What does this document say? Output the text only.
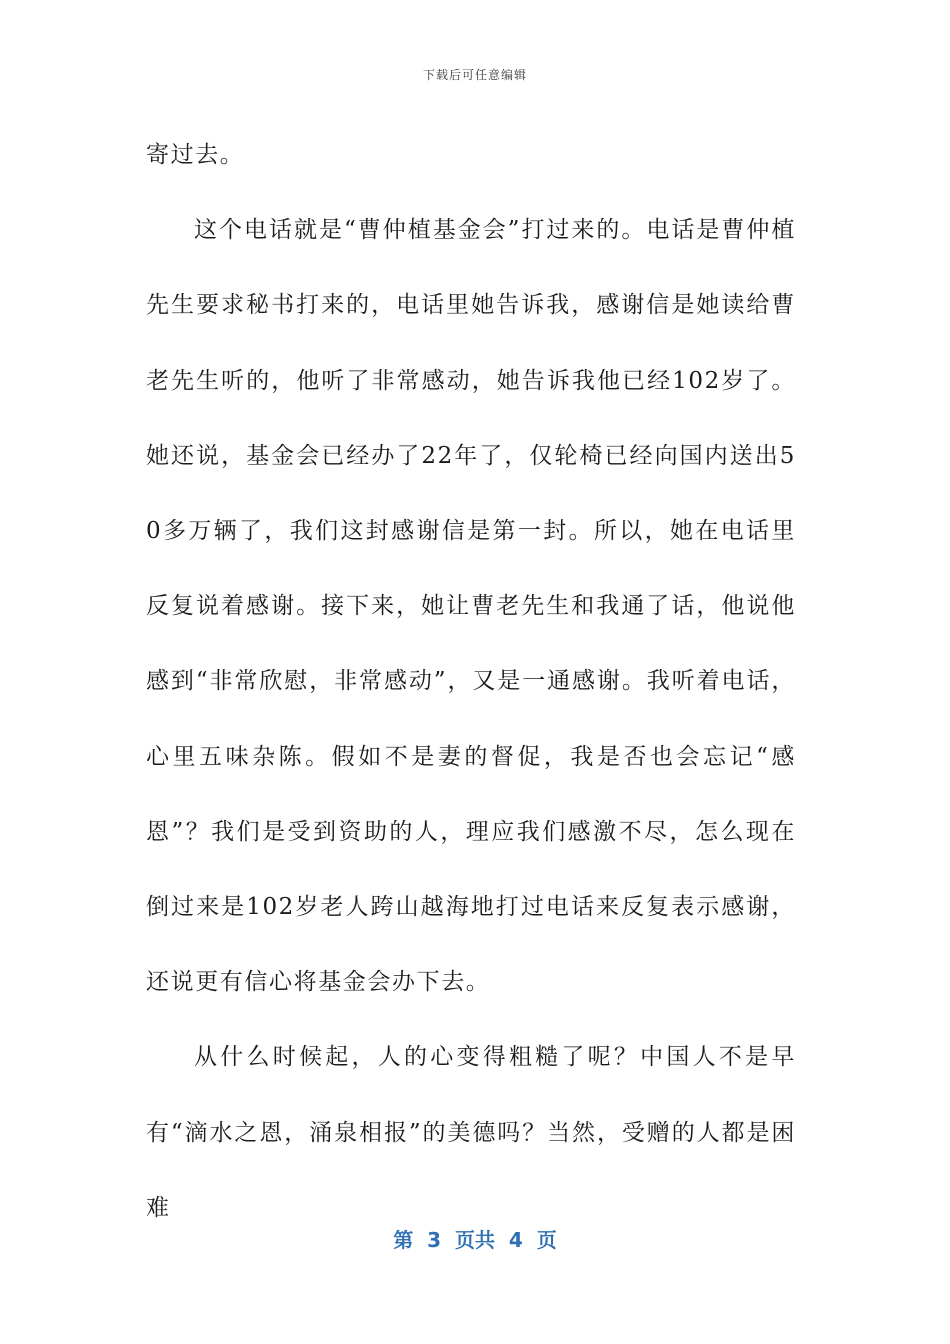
下载后可任意编辑

寄过去。

这个电话就是“曹仲植基金会”打过来的。电话是曹仲植先生要求秘书打来的，电话里她告诉我，感谢信是她读给曹老先生听的，他听了非常感动，她告诉我他已经102岁了。她还说，基金会已经办了22年了，仅轮椅已经向国内送出50多万辆了，我们这封感谢信是第一封。所以，她在电话里反复说着感谢。接下来，她让曹老先生和我通了话，他说他感到“非常欣慰，非常感动”，又是一通感谢。我听着电话，心里五味杂陈。假如不是妻的督促，我是否也会忘记“感恩”？我们是受到资助的人，理应我们感激不尽，怎么现在倒过来是102岁老人跨山越海地打过电话来反复表示感谢，还说更有信心将基金会办下去。

从什么时候起，人的心变得粗糙了呢？中国人不是早有“滴水之恩，涌泉相报”的美德吗？当然，受赠的人都是困难

第  3  页共  4  页
